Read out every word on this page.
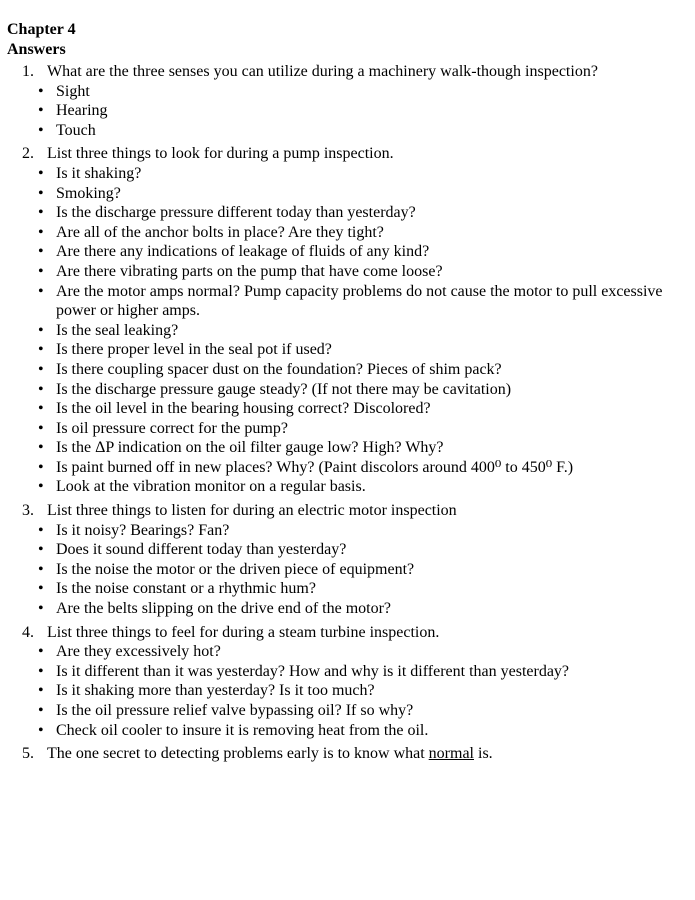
Chapter 4
Answers
1. What are the three senses you can utilize during a machinery walk-though inspection?
• Sight
• Hearing
• Touch
2. List three things to look for during a pump inspection.
• Is it shaking?
• Smoking?
• Is the discharge pressure different today than yesterday?
• Are all of the anchor bolts in place? Are they tight?
• Are there any indications of leakage of fluids of any kind?
• Are there vibrating parts on the pump that have come loose?
• Are the motor amps normal? Pump capacity problems do not cause the motor to pull excessive power or higher amps.
• Is the seal leaking?
• Is there proper level in the seal pot if used?
• Is there coupling spacer dust on the foundation? Pieces of shim pack?
• Is the discharge pressure gauge steady? (If not there may be cavitation)
• Is the oil level in the bearing housing correct? Discolored?
• Is oil pressure correct for the pump?
• Is the ΔP indication on the oil filter gauge low? High? Why?
• Is paint burned off in new places? Why? (Paint discolors around 400⁰ to 450⁰ F.)
• Look at the vibration monitor on a regular basis.
3. List three things to listen for during an electric motor inspection
• Is it noisy? Bearings? Fan?
• Does it sound different today than yesterday?
• Is the noise the motor or the driven piece of equipment?
• Is the noise constant or a rhythmic hum?
• Are the belts slipping on the drive end of the motor?
4. List three things to feel for during a steam turbine inspection.
• Are they excessively hot?
• Is it different than it was yesterday? How and why is it different than yesterday?
• Is it shaking more than yesterday? Is it too much?
• Is the oil pressure relief valve bypassing oil? If so why?
• Check oil cooler to insure it is removing heat from the oil.
5. The one secret to detecting problems early is to know what normal is.
